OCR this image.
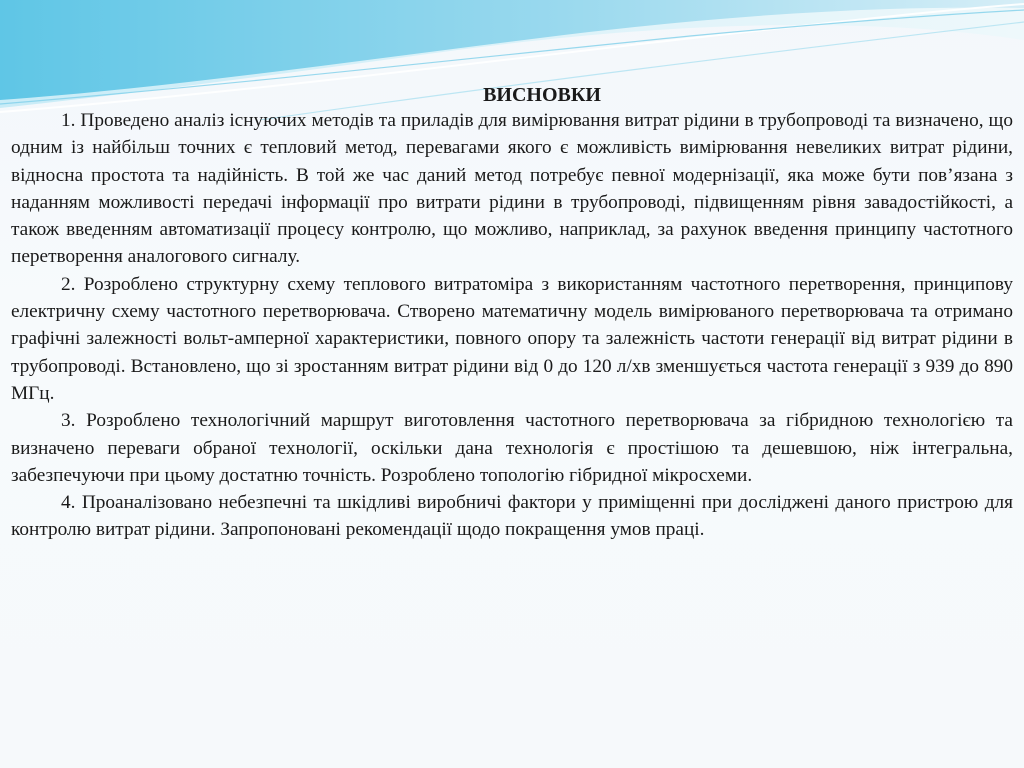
ВИСНОВКИ

1. Проведено аналіз існуючих методів та приладів для вимірювання витрат рідини в трубопроводі та визначено, що одним із найбільш точних є тепловий метод, перевагами якого є можливість вимірювання невеликих витрат рідини, відносна простота та надійність. В той же час даний метод потребує певної модернізації, яка може бути пов’язана з наданням можливості передачі інформації про витрати рідини в трубопроводі, підвищенням рівня завадостійкості, а також введенням автоматизації процесу контролю, що можливо, наприклад, за рахунок введення принципу частотного перетворення аналогового сигналу.

2. Розроблено структурну схему теплового витратоміра з використанням частотного перетворення, принципову електричну схему частотного перетворювача. Створено математичну модель вимірюваного перетворювача та отримано графічні залежності вольт-амперної характеристики, повного опору та залежність частоти генерації від витрат рідини в трубопроводі. Встановлено, що зі зростанням витрат рідини від 0 до 120 л/хв зменшується частота генерації з 939 до 890 МГц.

3. Розроблено технологічний маршрут виготовлення частотного перетворювача за гібридною технологією та визначено переваги обраної технології, оскільки дана технологія є простішою та дешевшою, ніж інтегральна, забезпечуючи при цьому достатню точність. Розроблено топологію гібридної мікросхеми.

4. Проаналізовано небезпечні та шкідливі виробничі фактори у приміщенні при досліджені даного пристрою для контролю витрат рідини. Запропоновані рекомендації щодо покращення умов праці.
